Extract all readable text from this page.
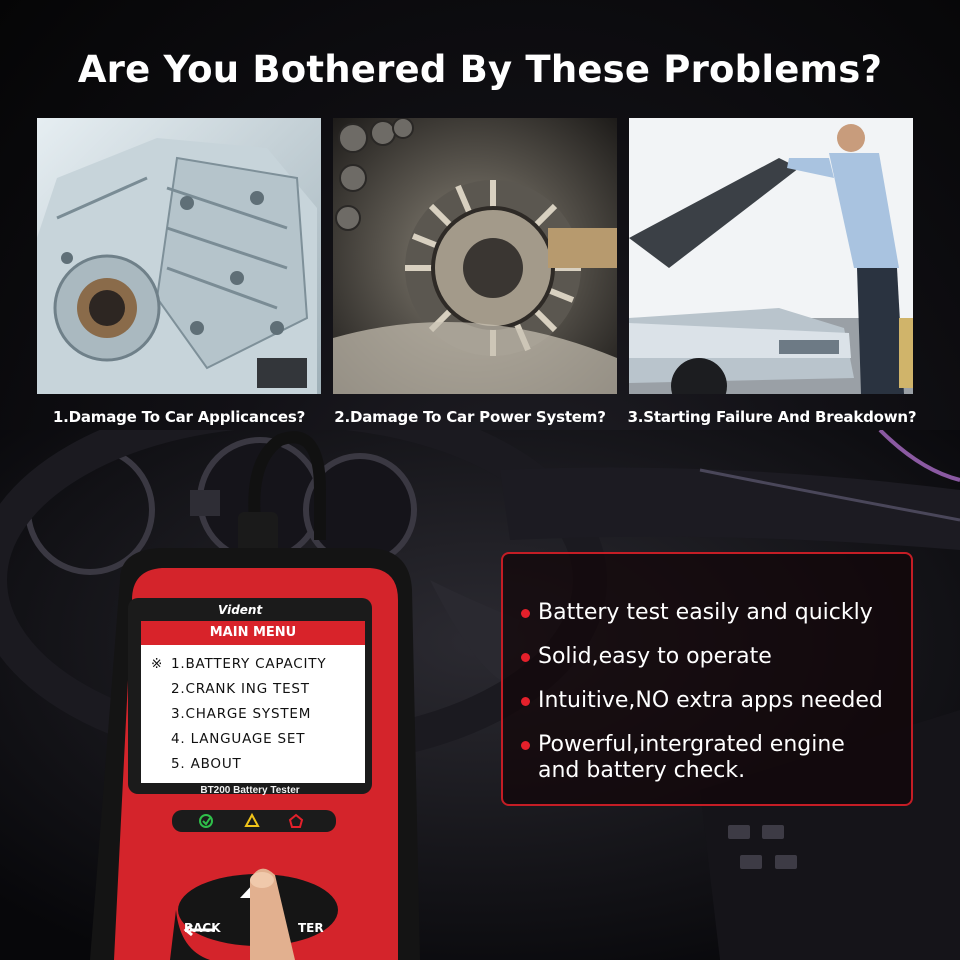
Are You Bothered By These Problems?
1.Damage To Car Applicances?	2.Damage To Car Power System?	3.Starting Failure And Breakdown?
Vident
MAIN MENU
※ 1.BATTERY CAPACITY
2.CRANK ING TEST
3.CHARGE SYSTEM
4. LANGUAGE SET
5. ABOUT
BT200 Battery Tester
BACK	TER
Battery test easily and quickly
Solid,easy to operate
Intuitive,NO extra apps needed
Powerful,intergrated engine and battery check.
